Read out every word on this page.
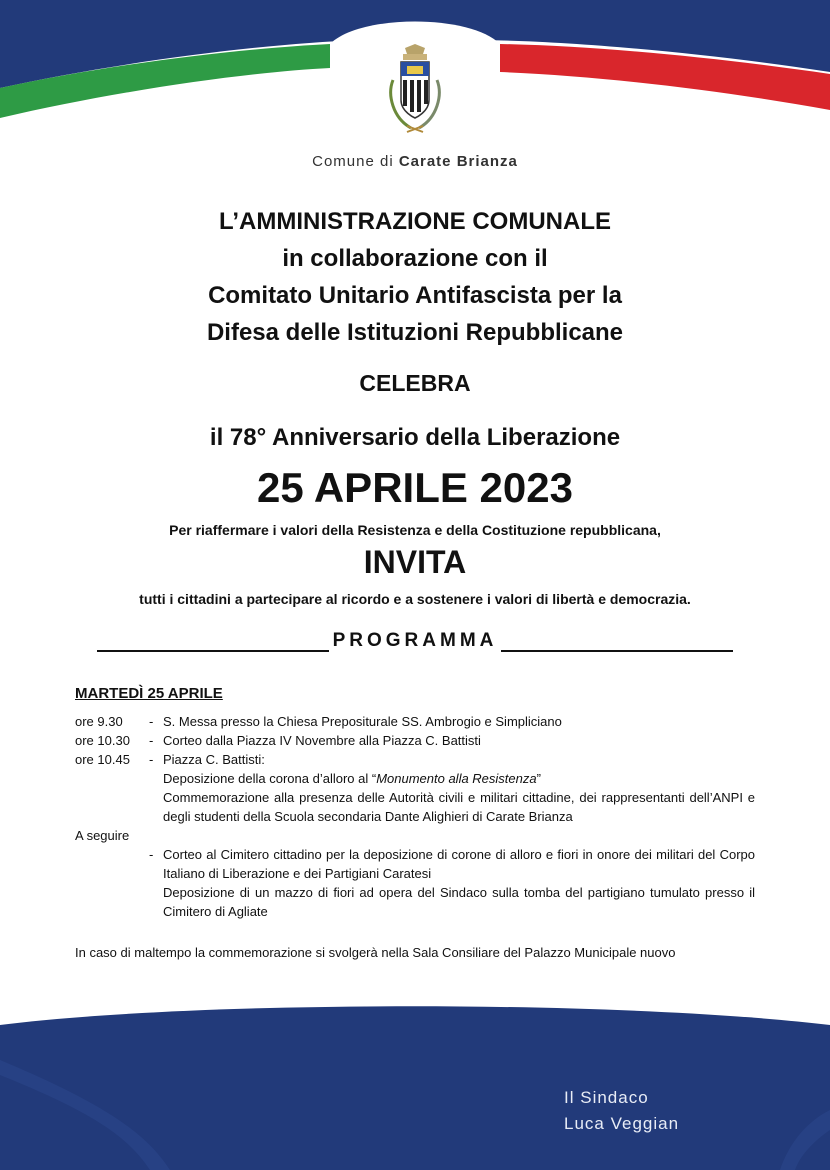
Comune di Carate Brianza
L’AMMINISTRAZIONE COMUNALE
in collaborazione con il
Comitato Unitario Antifascista per la
Difesa delle Istituzioni Repubblicane
CELEBRA
il 78° Anniversario della Liberazione
25 APRILE 2023
Per riaffermare i valori della Resistenza e della Costituzione repubblicana,
INVITA
tutti i cittadini a partecipare al ricordo e a sostenere i valori di libertà e democrazia.
PROGRAMMA
MARTEDÌ 25 APRILE
ore 9.30	- S. Messa presso la Chiesa Prepositurale SS. Ambrogio e Simpliciano
ore 10.30	- Corteo dalla Piazza IV Novembre alla Piazza C. Battisti
ore 10.45	- Piazza C. Battisti:
Deposizione della corona d’alloro al “Monumento alla Resistenza”
Commemorazione alla presenza delle Autorità civili e militari cittadine, dei rappresentanti dell’ANPI e degli studenti della Scuola secondaria Dante Alighieri di Carate Brianza
A seguire
- Corteo al Cimitero cittadino per la deposizione di corone di alloro e fiori in onore dei militari del Corpo Italiano di Liberazione e dei Partigiani Caratesi
Deposizione di un mazzo di fiori ad opera del Sindaco sulla tomba del partigiano tumulato presso il Cimitero di Agliate
In caso di maltempo la commemorazione si svolgerà nella Sala Consiliare del Palazzo Municipale nuovo
Il Sindaco
Luca Veggian
